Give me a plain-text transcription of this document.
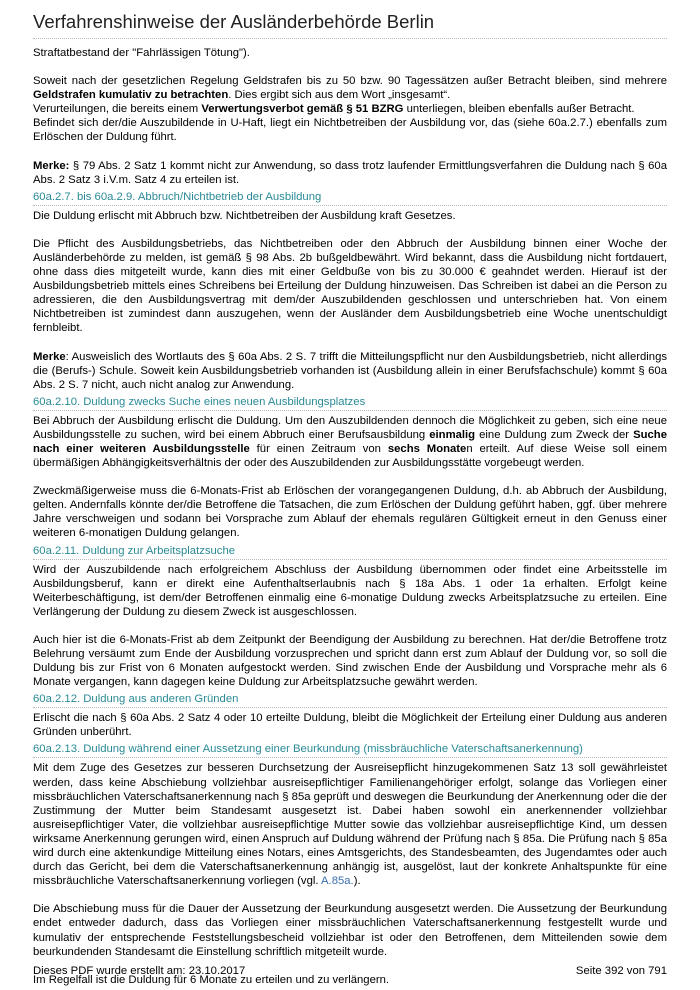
Verfahrenshinweise der Ausländerbehörde Berlin

Straftatbestand der "Fahrlässigen Tötung").

Soweit nach der gesetzlichen Regelung Geldstrafen bis zu 50 bzw. 90 Tagessätzen außer Betracht bleiben, sind mehrere Geldstrafen kumulativ zu betrachten. Dies ergibt sich aus dem Wort „insgesamt“.

Verurteilungen, die bereits einem Verwertungsverbot gemäß § 51 BZRG unterliegen, bleiben ebenfalls außer Betracht.

Befindet sich der/die Auszubildende in U-Haft, liegt ein Nichtbetreiben der Ausbildung vor, das (siehe 60a.2.7.) ebenfalls zum Erlöschen der Duldung führt.

Merke: § 79 Abs. 2 Satz 1 kommt nicht zur Anwendung, so dass trotz laufender Ermittlungsverfahren die Duldung nach § 60a Abs. 2 Satz 3 i.V.m. Satz 4 zu erteilen ist.

60a.2.7. bis 60a.2.9. Abbruch/Nichtbetrieb der Ausbildung

Die Duldung erlischt mit Abbruch bzw. Nichtbetreiben der Ausbildung kraft Gesetzes.

Die Pflicht des Ausbildungsbetriebs, das Nichtbetreiben oder den Abbruch der Ausbildung binnen einer Woche der Ausländerbehörde zu melden, ist gemäß § 98 Abs. 2b bußgeldbewährt. Wird bekannt, dass die Ausbildung nicht fortdauert, ohne dass dies mitgeteilt wurde, kann dies mit einer Geldbuße von bis zu 30.000 € geahndet werden. Hierauf ist der Ausbildungsbetrieb mittels eines Schreibens bei Erteilung der Duldung hinzuweisen. Das Schreiben ist dabei an die Person zu adressieren, die den Ausbildungsvertrag mit dem/der Auszubildenden geschlossen und unterschrieben hat. Von einem Nichtbetreiben ist zumindest dann auszugehen, wenn der Ausländer dem Ausbildungsbetrieb eine Woche unentschuldigt fernbleibt.

Merke: Ausweislich des Wortlauts des § 60a Abs. 2 S. 7 trifft die Mitteilungspflicht nur den Ausbildungsbetrieb, nicht allerdings die (Berufs-) Schule. Soweit kein Ausbildungsbetrieb vorhanden ist (Ausbildung allein in einer Berufsfachschule) kommt § 60a Abs. 2 S. 7 nicht, auch nicht analog zur Anwendung.

60a.2.10. Duldung zwecks Suche eines neuen Ausbildungsplatzes

Bei Abbruch der Ausbildung erlischt die Duldung. Um den Auszubildenden dennoch die Möglichkeit zu geben, sich eine neue Ausbildungsstelle zu suchen, wird bei einem Abbruch einer Berufsausbildung einmalig eine Duldung zum Zweck der Suche nach einer weiteren Ausbildungsstelle für einen Zeitraum von sechs Monaten erteilt. Auf diese Weise soll einem übermäßigen Abhängigkeitsverhältnis der oder des Auszubildenden zur Ausbildungsstätte vorgebeugt werden.

Zweckmäßigerweise muss die 6-Monats-Frist ab Erlöschen der vorangegangenen Duldung, d.h. ab Abbruch der Ausbildung, gelten. Andernfalls könnte der/die Betroffene die Tatsachen, die zum Erlöschen der Duldung geführt haben, ggf. über mehrere Jahre verschweigen und sodann bei Vorsprache zum Ablauf der ehemals regulären Gültigkeit erneut in den Genuss einer weiteren 6-monatigen Duldung gelangen.

60a.2.11. Duldung zur Arbeitsplatzsuche

Wird der Auszubildende nach erfolgreichem Abschluss der Ausbildung übernommen oder findet eine Arbeitsstelle im Ausbildungsberuf, kann er direkt eine Aufenthaltserlaubnis nach § 18a Abs. 1 oder 1a erhalten. Erfolgt keine Weiterbeschäftigung, ist dem/der Betroffenen einmalig eine 6-monatige Duldung zwecks Arbeitsplatzsuche zu erteilen. Eine Verlängerung der Duldung zu diesem Zweck ist ausgeschlossen.

Auch hier ist die 6-Monats-Frist ab dem Zeitpunkt der Beendigung der Ausbildung zu berechnen. Hat der/die Betroffene trotz Belehrung versäumt zum Ende der Ausbildung vorzusprechen und spricht dann erst zum Ablauf der Duldung vor, so soll die Duldung bis zur Frist von 6 Monaten aufgestockt werden. Sind zwischen Ende der Ausbildung und Vorsprache mehr als 6 Monate vergangen, kann dagegen keine Duldung zur Arbeitsplatzsuche gewährt werden.

60a.2.12. Duldung aus anderen Gründen

Erlischt die nach § 60a Abs. 2 Satz 4 oder 10 erteilte Duldung, bleibt die Möglichkeit der Erteilung einer Duldung aus anderen Gründen unberührt.

60a.2.13. Duldung während einer Aussetzung einer Beurkundung (missbräuchliche Vaterschaftsanerkennung)

Mit dem Zuge des Gesetzes zur besseren Durchsetzung der Ausreisepflicht hinzugekommenen Satz 13 soll gewährleistet werden, dass keine Abschiebung vollziehbar ausreisepflichtiger Familienangehöriger erfolgt, solange das Vorliegen einer missbräuchlichen Vaterschaftsanerkennung nach § 85a geprüft und deswegen die Beurkundung der Anerkennung oder die der Zustimmung der Mutter beim Standesamt ausgesetzt ist. Dabei haben sowohl ein anerkennender vollziehbar ausreisepflichtiger Vater, die vollziehbar ausreisepflichtige Mutter sowie das vollziehbar ausreisepflichtige Kind, um dessen wirksame Anerkennung gerungen wird, einen Anspruch auf Duldung während der Prüfung nach § 85a. Die Prüfung nach § 85a wird durch eine aktenkundige Mitteilung eines Notars, eines Amtsgerichts, des Standesbeamten, des Jugendamtes oder auch durch das Gericht, bei dem die Vaterschaftsanerkennung anhängig ist, ausgelöst, laut der konkrete Anhaltspunkte für eine missbräuchliche Vaterschaftsanerkennung vorliegen (vgl. A.85a.).

Die Abschiebung muss für die Dauer der Aussetzung der Beurkundung ausgesetzt werden. Die Aussetzung der Beurkundung endet entweder dadurch, dass das Vorliegen einer missbräuchlichen Vaterschaftsanerkennung festgestellt wurde und kumulativ der entsprechende Feststellungsbescheid vollziehbar ist oder den Betroffenen, dem Mitteilenden sowie dem beurkundenden Standesamt die Einstellung schriftlich mitgeteilt wurde.

Im Regelfall ist die Duldung für 6 Monate zu erteilen und zu verlängern.

Dieses PDF wurde erstellt am: 23.10.2017	Seite 392 von 791
